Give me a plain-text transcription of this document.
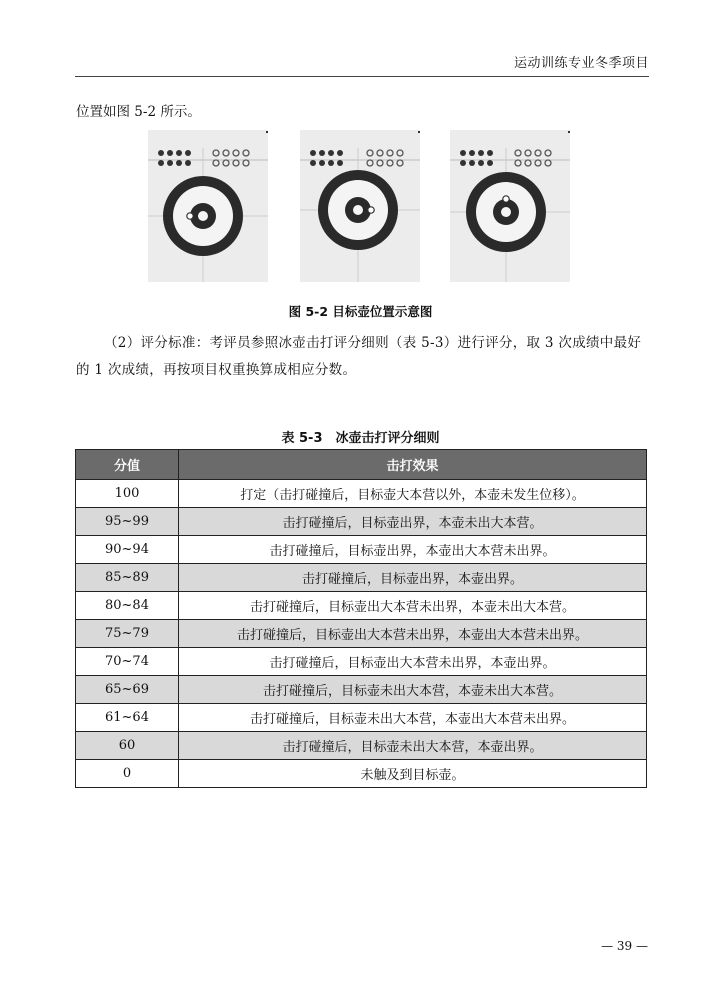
运动训练专业冬季项目
位置如图 5-2 所示。
图 5-2 目标壶位置示意图
（2）评分标准：考评员参照冰壶击打评分细则（表 5-3）进行评分，取 3 次成绩中最好的 1 次成绩，再按项目权重换算成相应分数。
表 5-3　冰壶击打评分细则
分值	击打效果
100	打定（击打碰撞后，目标壶大本营以外，本壶未发生位移）。
95~99	击打碰撞后，目标壶出界，本壶未出大本营。
90~94	击打碰撞后，目标壶出界，本壶出大本营未出界。
85~89	击打碰撞后，目标壶出界，本壶出界。
80~84	击打碰撞后，目标壶出大本营未出界，本壶未出大本营。
75~79	击打碰撞后，目标壶出大本营未出界，本壶出大本营未出界。
70~74	击打碰撞后，目标壶出大本营未出界，本壶出界。
65~69	击打碰撞后，目标壶未出大本营，本壶未出大本营。
61~64	击打碰撞后，目标壶未出大本营，本壶出大本营未出界。
60	击打碰撞后，目标壶未出大本营，本壶出界。
0	未触及到目标壶。
— 39 —
